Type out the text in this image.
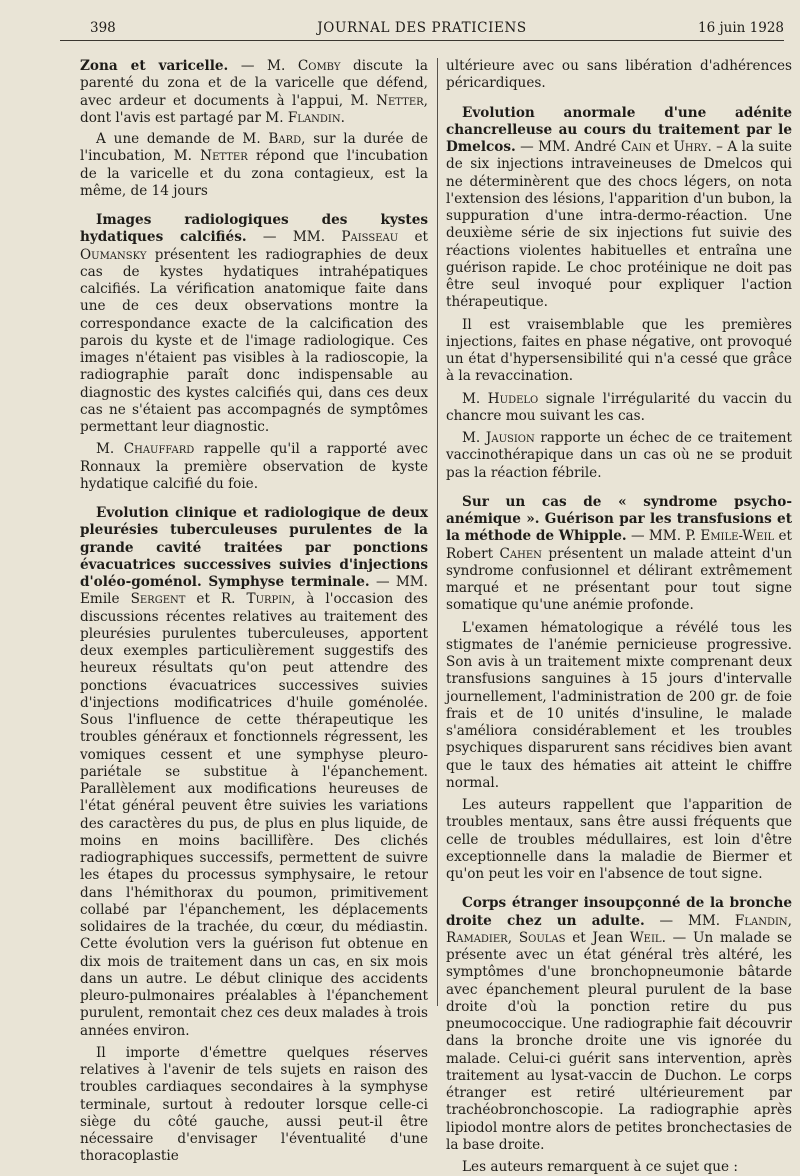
398	JOURNAL DES PRATICIENS	16 juin 1928

Zona et varicelle. — M. Comby discute la parenté du zona et de la varicelle que défend, avec ardeur et documents à l'appui, M. Netter, dont l'avis est partagé par M. Flandin.

A une demande de M. Bard, sur la durée de l'incubation, M. Netter répond que l'incubation de la varicelle et du zona contagieux, est la même, de 14 jours

Images radiologiques des kystes hydatiques calcifiés. — MM. Paisseau et Oumansky présentent les radiographies de deux cas de kystes hydatiques intrahépatiques calcifiés. La vérification anatomique faite dans une de ces deux observations montre la correspondance exacte de la calcification des parois du kyste et de l'image radiologique. Ces images n'étaient pas visibles à la radioscopie, la radiographie paraît donc indispensable au diagnostic des kystes calcifiés qui, dans ces deux cas ne s'étaient pas accompagnés de symptômes permettant leur diagnostic.

M. Chauffard rappelle qu'il a rapporté avec Ronnaux la première observation de kyste hydatique calcifié du foie.

Evolution clinique et radiologique de deux pleurésies tuberculeuses purulentes de la grande cavité traitées par ponctions évacuatrices successives suivies d'injections d'oléo-goménol. Symphyse terminale. — MM. Emile Sergent et R. Turpin, à l'occasion des discussions récentes relatives au traitement des pleurésies purulentes tuberculeuses, apportent deux exemples particulièrement suggestifs des heureux résultats qu'on peut attendre des ponctions évacuatrices successives suivies d'injections modificatrices d'huile goménolée. Sous l'influence de cette thérapeutique les troubles généraux et fonctionnels régressent, les vomiques cessent et une symphyse pleuro-pariétale se substitue à l'épanchement. Parallèlement aux modifications heureuses de l'état général peuvent être suivies les variations des caractères du pus, de plus en plus liquide, de moins en moins bacillifère. Des clichés radiographiques successifs, permettent de suivre les étapes du processus symphysaire, le retour dans l'hémithorax du poumon, primitivement collabé par l'épanchement, les déplacements solidaires de la trachée, du cœur, du médiastin. Cette évolution vers la guérison fut obtenue en dix mois de traitement dans un cas, en six mois dans un autre. Le début clinique des accidents pleuro-pulmonaires préalables à l'épanchement purulent, remontait chez ces deux malades à trois années environ.

Il importe d'émettre quelques réserves relatives à l'avenir de tels sujets en raison des troubles cardiaques secondaires à la symphyse terminale, surtout à redouter lorsque celle-ci siège du côté gauche, aussi peut-il être nécessaire d'envisager l'éventualité d'une thoracoplastie

ultérieure avec ou sans libération d'adhérences péricardiques.

Evolution anormale d'une adénite chancrelleuse au cours du traitement par le Dmelcos. — MM. André Cain et Uhry. – A la suite de six injections intraveineuses de Dmelcos qui ne déterminèrent que des chocs légers, on nota l'extension des lésions, l'apparition d'un bubon, la suppuration d'une intra-dermo-réaction. Une deuxième série de six injections fut suivie des réactions violentes habituelles et entraîna une guérison rapide. Le choc protéinique ne doit pas être seul invoqué pour expliquer l'action thérapeutique.

Il est vraisemblable que les premières injections, faites en phase négative, ont provoqué un état d'hypersensibilité qui n'a cessé que grâce à la revaccination.

M. Hudelo signale l'irrégularité du vaccin du chancre mou suivant les cas.

M. Jausion rapporte un échec de ce traitement vaccinothérapique dans un cas où ne se produit pas la réaction fébrile.

Sur un cas de « syndrome psycho-anémique ». Guérison par les transfusions et la méthode de Whipple. — MM. P. Emile-Weil et Robert Cahen présentent un malade atteint d'un syndrome confusionnel et délirant extrêmement marqué et ne présentant pour tout signe somatique qu'une anémie profonde.

L'examen hématologique a révélé tous les stigmates de l'anémie pernicieuse progressive. Son avis à un traitement mixte comprenant deux transfusions sanguines à 15 jours d'intervalle journellement, l'administration de 200 gr. de foie frais et de 10 unités d'insuline, le malade s'améliora considérablement et les troubles psychiques disparurent sans récidives bien avant que le taux des hématies ait atteint le chiffre normal.

Les auteurs rappellent que l'apparition de troubles mentaux, sans être aussi fréquents que celle de troubles médullaires, est loin d'être exceptionnelle dans la maladie de Biermer et qu'on peut les voir en l'absence de tout signe.

Corps étranger insoupçonné de la bronche droite chez un adulte. — MM. Flandin, Ramadier, Soulas et Jean Weil. — Un malade se présente avec un état général très altéré, les symptômes d'une bronchopneumonie bâtarde avec épanchement pleural purulent de la base droite d'où la ponction retire du pus pneumococcique. Une radiographie fait découvrir dans la bronche droite une vis ignorée du malade. Celui-ci guérit sans intervention, après traitement au lysat-vaccin de Duchon. Le corps étranger est retiré ultérieurement par trachéobronchoscopie. La radiographie après lipiodol montre alors de petites bronchectasies de la base droite.

Les auteurs remarquent à ce sujet que :
